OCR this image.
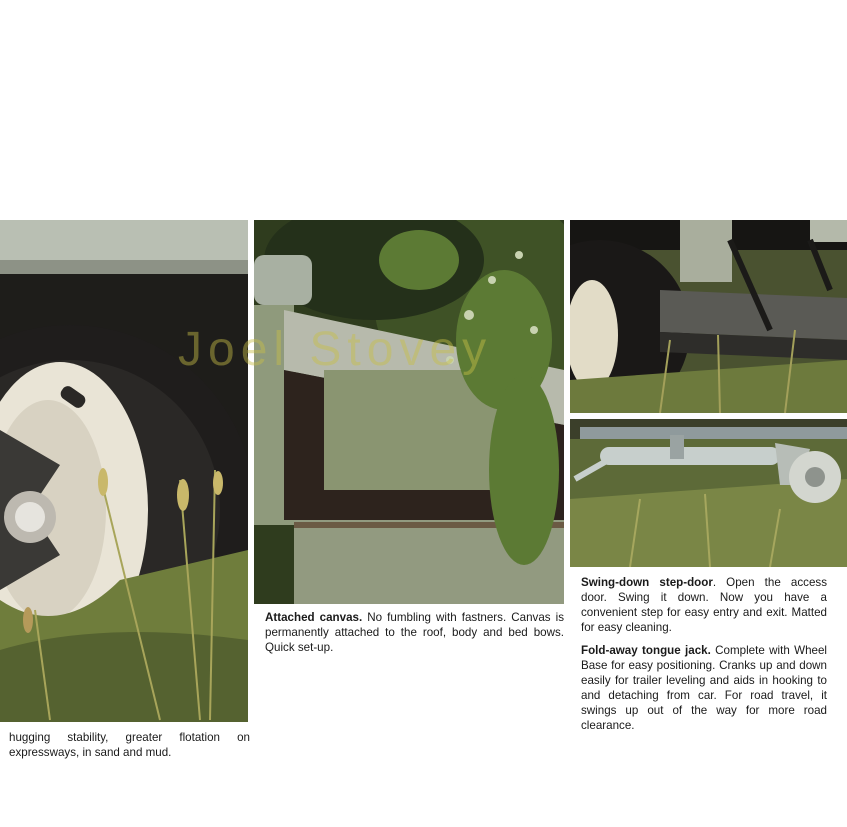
Joel Stovey

hugging stability, greater flotation on expressways, in sand and mud.

Attached canvas. No fumbling with fastners. Canvas is permanently attached to the roof, body and bed bows. Quick set-up.

Swing-down step-door. Open the access door. Swing it down. Now you have a convenient step for easy entry and exit. Matted for easy cleaning.

Fold-away tongue jack. Complete with Wheel Base for easy positioning. Cranks up and down easily for trailer leveling and aids in hooking to and detaching from car. For road travel, it swings up out of the way for more road clearance.
